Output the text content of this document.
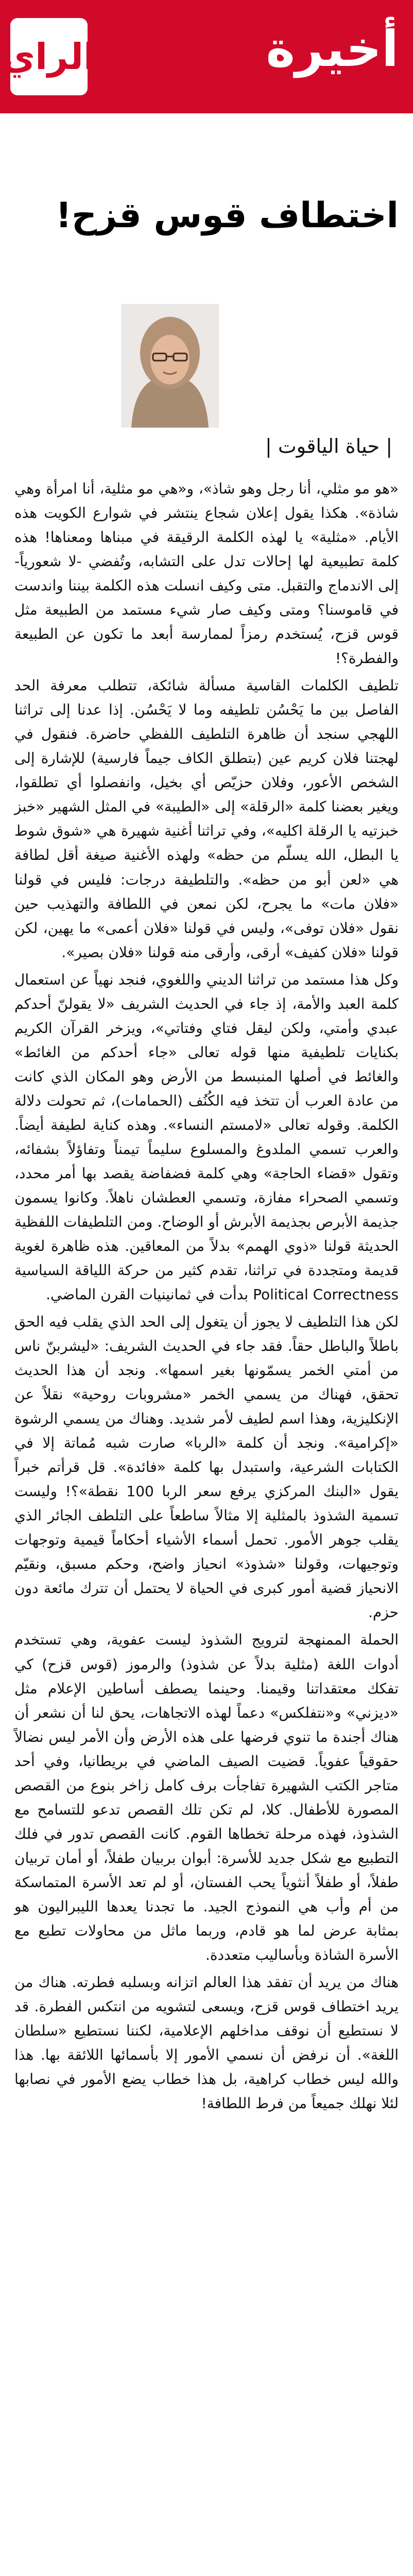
الراي	أخيرة
اختطاف قوس قزح!
| حياة الياقوت |

«هو مو مثلي، أنا رجل وهو شاذ»، و«هي مو مثلية، أنا امرأة وهي شاذة». هكذا يقول إعلان شجاع ينتشر في شوارع الكويت هذه الأيام. «مثلية» يا لهذه الكلمة الرقيقة في مبناها ومعناها! هذه كلمة تطبيعية لها إحالات تدل على التشابه، وتُفضي -لا شعورياً- إلى الاندماج والتقبل. متى وكيف انسلت هذه الكلمة بيننا واندست في قاموسنا؟ ومتى وكيف صار شيء مستمد من الطبيعة مثل قوس قزح، يُستخدم رمزاً لممارسة أبعد ما تكون عن الطبيعة والفطرة؟!

تلطيف الكلمات القاسية مسألة شائكة، تتطلب معرفة الحد الفاصل بين ما يَحْسُن تلطيفه وما لا يَحْسُن. إذا عدنا إلى تراثنا اللهجي سنجد أن ظاهرة التلطيف اللفظي حاضرة. فنقول في لهجتنا فلان كريم عين (بتطلق الكاف جيماً فارسية) للإشارة إلى الشخص الأعور، وفلان حزيّص أي بخيل، وانفصلوا أي تطلقوا، ويغير بعضنا كلمة «الرقلة» إلى «الطيبة» في المثل الشهير «خبز خبزتيه يا الرقلة اكليه»، وفي تراثنا أغنية شهيرة هي «شوق شوط يا البطل، الله يسلّم من حظه» ولهذه الأغنية صيغة أقل لطافة هي «لعن أبو من حظه». والتلطيفة درجات: فليس في قولنا «فلان مات» ما يجرح، لكن نمعن في اللطافة والتهذيب حين نقول «فلان توفى»، وليس في قولنا «فلان أعمى» ما يهين، لكن قولنا «فلان كفيف» أرقى، وأرقى منه قولنا «فلان بصير».

وكل هذا مستمد من تراثنا الديني واللغوي، فنجد نهياً عن استعمال كلمة العبد والأمة، إذ جاء في الحديث الشريف «لا يقولنّ أحدكم عبدي وأمتي، ولكن ليقل فتاي وفتاتي»، ويزخر القرآن الكريم بكنايات تلطيفية منها قوله تعالى «جاء أحدكم من الغائط» والغائط في أصلها المنبسط من الأرض وهو المكان الذي كانت من عادة العرب أن تتخذ فيه الكُنُف (الحمامات)، ثم تحولت دلالة الكلمة. وقوله تعالى «لامستم النساء». وهذه كناية لطيفة أيضاً. والعرب تسمي الملدوغ والمسلوع سليماً تيمناً وتفاؤلاً بشفائه، وتقول «قضاء الحاجة» وهي كلمة فضفاضة يقصد بها أمر محدد، وتسمي الصحراء مفازة، وتسمي العطشان ناهلاً. وكانوا يسمون جذيمة الأبرص بجذيمة الأبرش أو الوضاح. ومن التلطيفات اللفظية الحديثة قولنا «ذوي الهمم» بدلاً من المعاقين. هذه ظاهرة لغوية قديمة ومتجددة في تراثنا، تقدم كثير من حركة اللياقة السياسية Political Correctness بدأت في ثمانينيات القرن الماضي.

لكن هذا التلطيف لا يجوز أن يتغول إلى الحد الذي يقلب فيه الحق باطلاً والباطل حقاً. فقد جاء في الحديث الشريف: «ليشربنّ ناس من أمتي الخمر يسمّونها بغير اسمها». ونجد أن هذا الحديث تحقق، فهناك من يسمي الخمر «مشروبات روحية» نقلاً عن الإنكليزية، وهذا اسم لطيف لأمر شديد. وهناك من يسمي الرشوة «إكرامية». ونجد أن كلمة «الربا» صارت شبه مُماتة إلا في الكتابات الشرعية، واستبدل بها كلمة «فائدة». قل قرأتم خبراً يقول «البنك المركزي يرفع سعر الربا 100 نقطة»؟! وليست تسمية الشذوذ بالمثلية إلا مثالاً ساطعاً على التلطف الجائر الذي يقلب جوهر الأمور. تحمل أسماء الأشياء أحكاماً قيمية وتوجهات وتوجيهات، وقولنا «شذوذ» انحياز واضح، وحكم مسبق، ونقيّم الانحياز قضية أمور كبرى في الحياة لا يحتمل أن تترك مائعة دون حزم.

الحملة الممنهجة لترويج الشذوذ ليست عفوية، وهي تستخدم أدوات اللغة (مثلية بدلاً عن شذوذ) والرموز (قوس قزح) كي تفكك معتقداتنا وقيمنا. وحينما يصطف أساطين الإعلام مثل «ديزني» و«نتفلكس» دعماً لهذه الاتجاهات، يحق لنا أن نشعر أن هناك أجندة ما تنوي فرضها على هذه الأرض وأن الأمر ليس نضالاً حقوقياً عفوياً. قضيت الصيف الماضي في بريطانيا، وفي أحد متاجر الكتب الشهيرة تفاجأت برف كامل زاخر بنوع من القصص المصورة للأطفال. كلا، لم تكن تلك القصص تدعو للتسامح مع الشذوذ، فهذه مرحلة تخطاها القوم. كانت القصص تدور في فلك التطبيع مع شكل جديد للأسرة: أبوان بربيان طفلاً، أو أمان تربيان طفلاً، أو طفلاً أنثوياً يحب الفستان، أو لم تعد الأسرة المتماسكة من أم وأب هي النموذج الجيد. ما تجدنا يعدها الليبراليون هو بمثابة عرض لما هو قادم، وربما ماثل من محاولات تطبع مع الأسرة الشاذة وبأساليب متعددة.

هناك من يريد أن تفقد هذا العالم اتزانه وبسلبه فطرته. هناك من يريد اختطاف قوس قزح، ويسعى لتشويه من انتكس الفطرة. قد لا نستطيع أن نوقف مداخلهم الإعلامية، لكننا نستطيع «سلطان اللغة». أن نرفض أن نسمي الأمور إلا بأسمائها اللائقة بها. هذا والله ليس خطاب كراهية، بل هذا خطاب يضع الأمور في نصابها لئلا نهلك جميعاً من فرط اللطافة!
